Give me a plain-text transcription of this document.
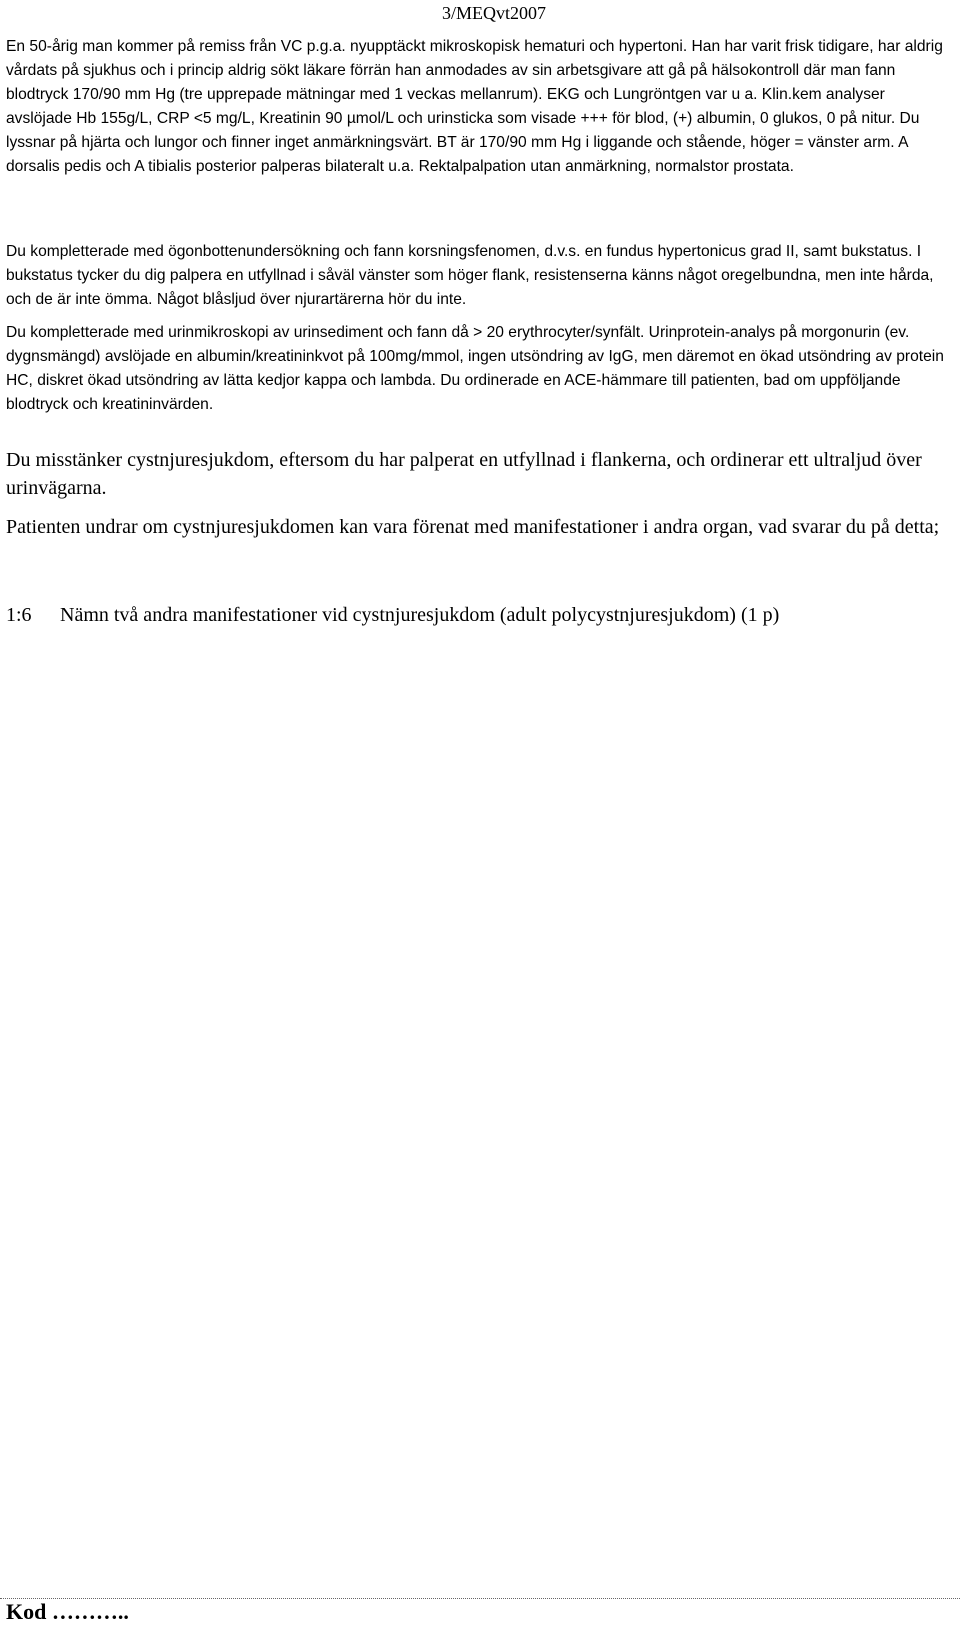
3/MEQvt2007

En 50-årig man kommer på remiss från VC p.g.a. nyupptäckt mikroskopisk hematuri och hypertoni. Han har varit frisk tidigare, har aldrig vårdats på sjukhus och i princip aldrig sökt läkare förrän han anmodades av sin arbetsgivare att gå på hälsokontroll där man fann blodtryck 170/90 mm Hg (tre upprepade mätningar med 1 veckas mellanrum). EKG och Lungröntgen var u a. Klin.kem analyser avslöjade Hb 155g/L, CRP <5 mg/L, Kreatinin 90 µmol/L och urinsticka som visade +++ för blod, (+) albumin, 0 glukos, 0 på nitur. Du lyssnar på hjärta och lungor och finner inget anmärkningsvärt. BT är 170/90 mm Hg i liggande och stående, höger = vänster arm. A dorsalis pedis och A tibialis posterior palperas bilateralt u.a. Rektalpalpation utan anmärkning, normalstor prostata.

Du kompletterade med ögonbottenundersökning och fann korsningsfenomen, d.v.s. en fundus hypertonicus grad II, samt bukstatus. I bukstatus tycker du dig palpera en utfyllnad i såväl vänster som höger flank, resistenserna känns något oregelbundna, men inte hårda, och de är inte ömma. Något blåsljud över njurartärerna hör du inte.

Du kompletterade med urinmikroskopi av urinsediment och fann då > 20 erythrocyter/synfält. Urinprotein-analys på morgonurin (ev. dygnsmängd) avslöjade en albumin/kreatininkvot på 100mg/mmol, ingen utsöndring av IgG, men däremot en ökad utsöndring av protein HC, diskret ökad utsöndring av lätta kedjor kappa och lambda. Du ordinerade en ACE-hämmare till patienten, bad om uppföljande blodtryck och kreatininvärden.

Du misstänker cystnjuresjukdom, eftersom du har palperat en utfyllnad i flankerna, och ordinerar ett ultraljud över urinvägarna.

Patienten undrar om cystnjuresjukdomen kan vara förenat med manifestationer i andra organ, vad svarar du på detta;

1:6	Nämn två andra manifestationer vid cystnjuresjukdom (adult polycystnjuresjukdom) (1 p)
Kod ………..
